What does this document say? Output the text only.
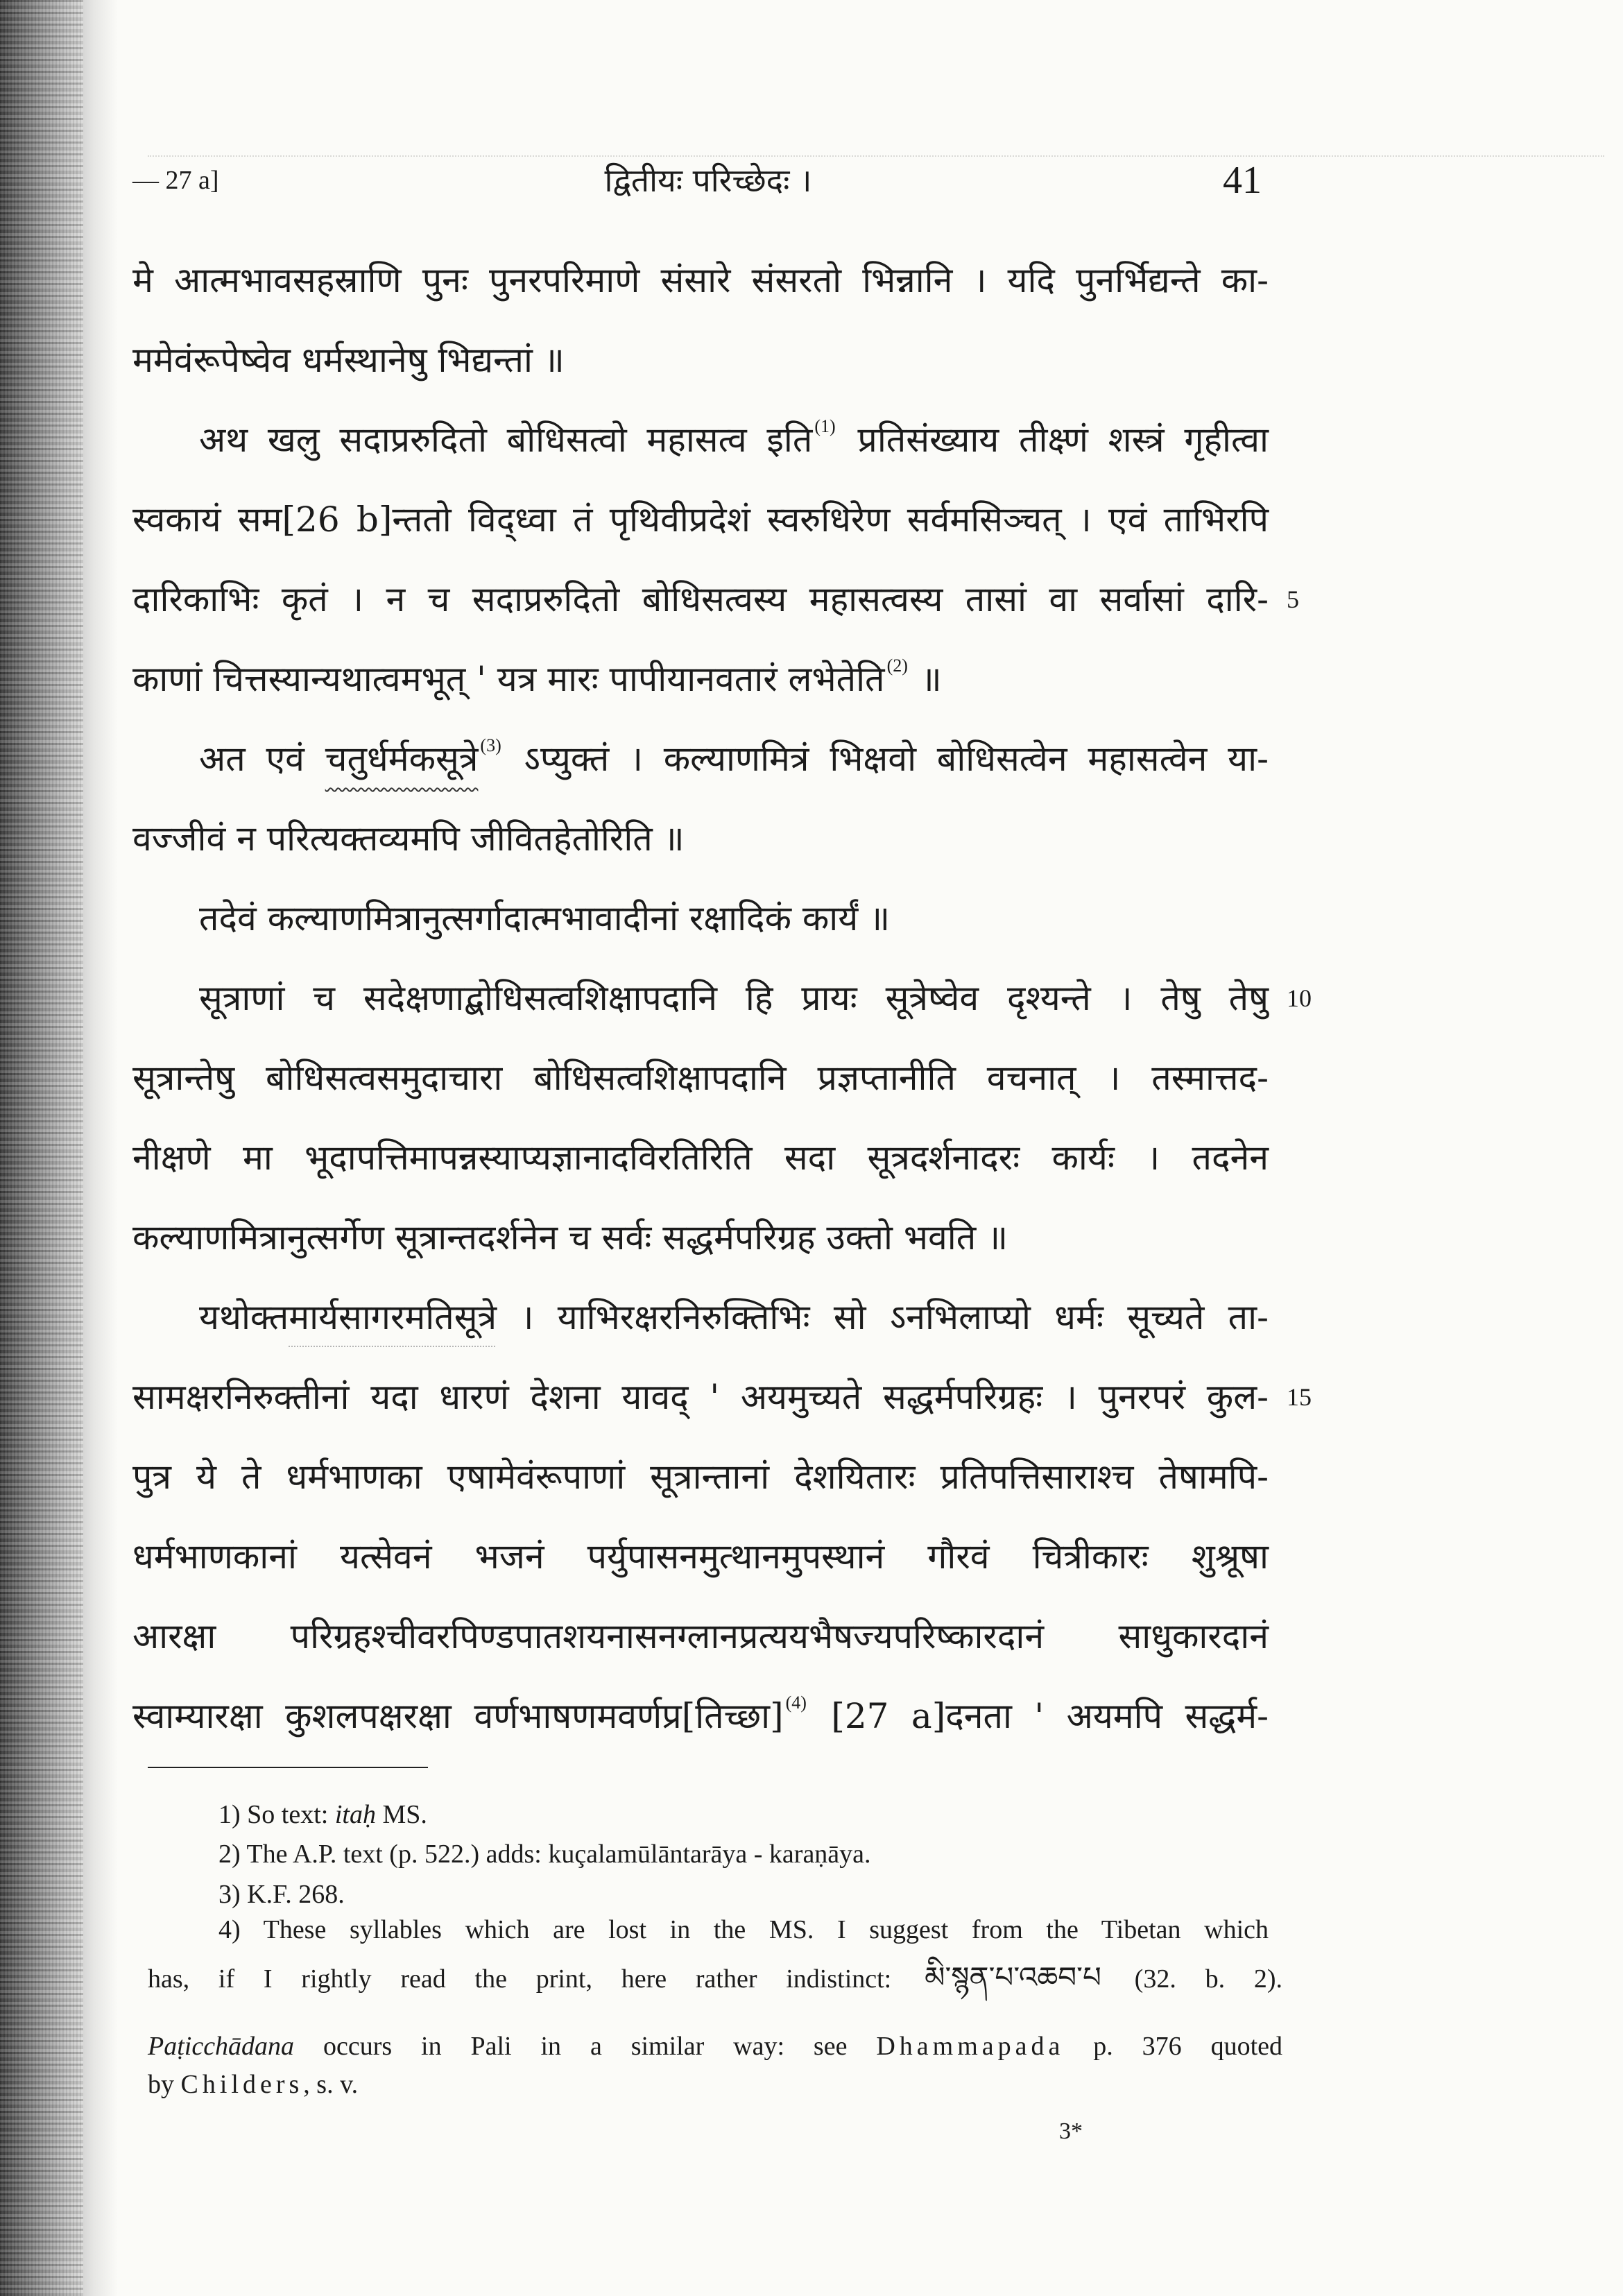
— 27 a]	द्वितीयः परिच्छेदः ।	41
मे आत्मभावसहस्राणि पुनः पुनरपरिमाणे संसारे संसरतो भिन्नानि । यदि पुनर्भिद्यन्ते का-
ममेवंरूपेष्वेव धर्मस्थानेषु भिद्यन्तां ॥
अथ खलु सदाप्ररुदितो बोधिसत्वो महासत्व इति $^{(1)}$ प्रतिसंख्याय तीक्ष्णं शस्त्रं गृहीत्वा
स्वकायं सम[26 b]न्ततो विद्ध्वा तं पृथिवीप्रदेशं स्वरुधिरेण सर्वमसिञ्चत् । एवं ताभिरपि
दारिकाभिः कृतं । न च सदाप्ररुदितो बोधिसत्वस्य महासत्वस्य तासां वा सर्वासां दारि- 5
काणां चित्तस्यान्यथात्वमभूत् ' यत्र मारः पापीयानवतारं लभेतेति $^{(2)}$ ॥
अत एवं चतुर्धर्मकसूत्रे $^{(3)}$ ऽप्युक्तं । कल्याणमित्रं भिक्षवो बोधिसत्वेन महासत्वेन या-
वज्जीवं न परित्यक्तव्यमपि जीवितहेतोरिति ॥
तदेवं कल्याणमित्रानुत्सर्गादात्मभावादीनां रक्षादिकं कार्यं ॥
सूत्राणां च सदेक्षणाद्बोधिसत्वशिक्षापदानि हि प्रायः सूत्रेष्वेव दृश्यन्ते । तेषु तेषु 10
सूत्रान्तेषु बोधिसत्वसमुदाचारा बोधिसत्वशिक्षापदानि प्रज्ञप्तानीति वचनात् । तस्मात्तद-
नीक्षणे मा भूदापत्तिमापन्नस्याप्यज्ञानादविरतिरिति सदा सूत्रदर्शनादरः कार्यः । तदनेन
कल्याणमित्रानुत्सर्गेण सूत्रान्तदर्शनेन च सर्वः सद्धर्मपरिग्रह उक्तो भवति ॥
यथोक्तमार्यसागरमतिसूत्रे । याभिरक्षरनिरुक्तिभिः सो ऽनभिलाप्यो धर्मः सूच्यते ता-
सामक्षरनिरुक्तीनां यदा धारणं देशना यावद् ' अयमुच्यते सद्धर्मपरिग्रहः । पुनरपरं कुल- 15
पुत्र ये ते धर्मभाणका एषामेवंरूपाणां सूत्रान्तानां देशयितारः प्रतिपत्तिसाराश्च तेषामपि-
धर्मभाणकानां यत्सेवनं भजनं पर्युपासनमुत्थानमुपस्थानं गौरवं चित्रीकारः शुश्रूषा
आरक्षा परिग्रहश्चीवरपिण्डपातशयनासनग्लानप्रत्ययभैषज्यपरिष्कारदानं साधुकारदानं
स्वाम्यारक्षा कुशलपक्षरक्षा वर्णभाषणमवर्णप्र[तिच्छा] $^{(4)}$ [27 a]दनता ' अयमपि सद्धर्म-
1) So text: itaḥ MS.
2) The A.P. text (p. 522.) adds: kuçalamūlāntarāya - karaṇāya.
3) K.F. 268.
4) These syllables which are lost in the MS. I suggest from the Tibetan which
has, if I rightly read the print, here rather indistinct: མི་སྙན་པ་འཆབ་པ (32. b. 2).
Paṭicchādana occurs in Pali in a similar way: see Dhammapada p. 376 quoted
by Childers, s. v.
3*
